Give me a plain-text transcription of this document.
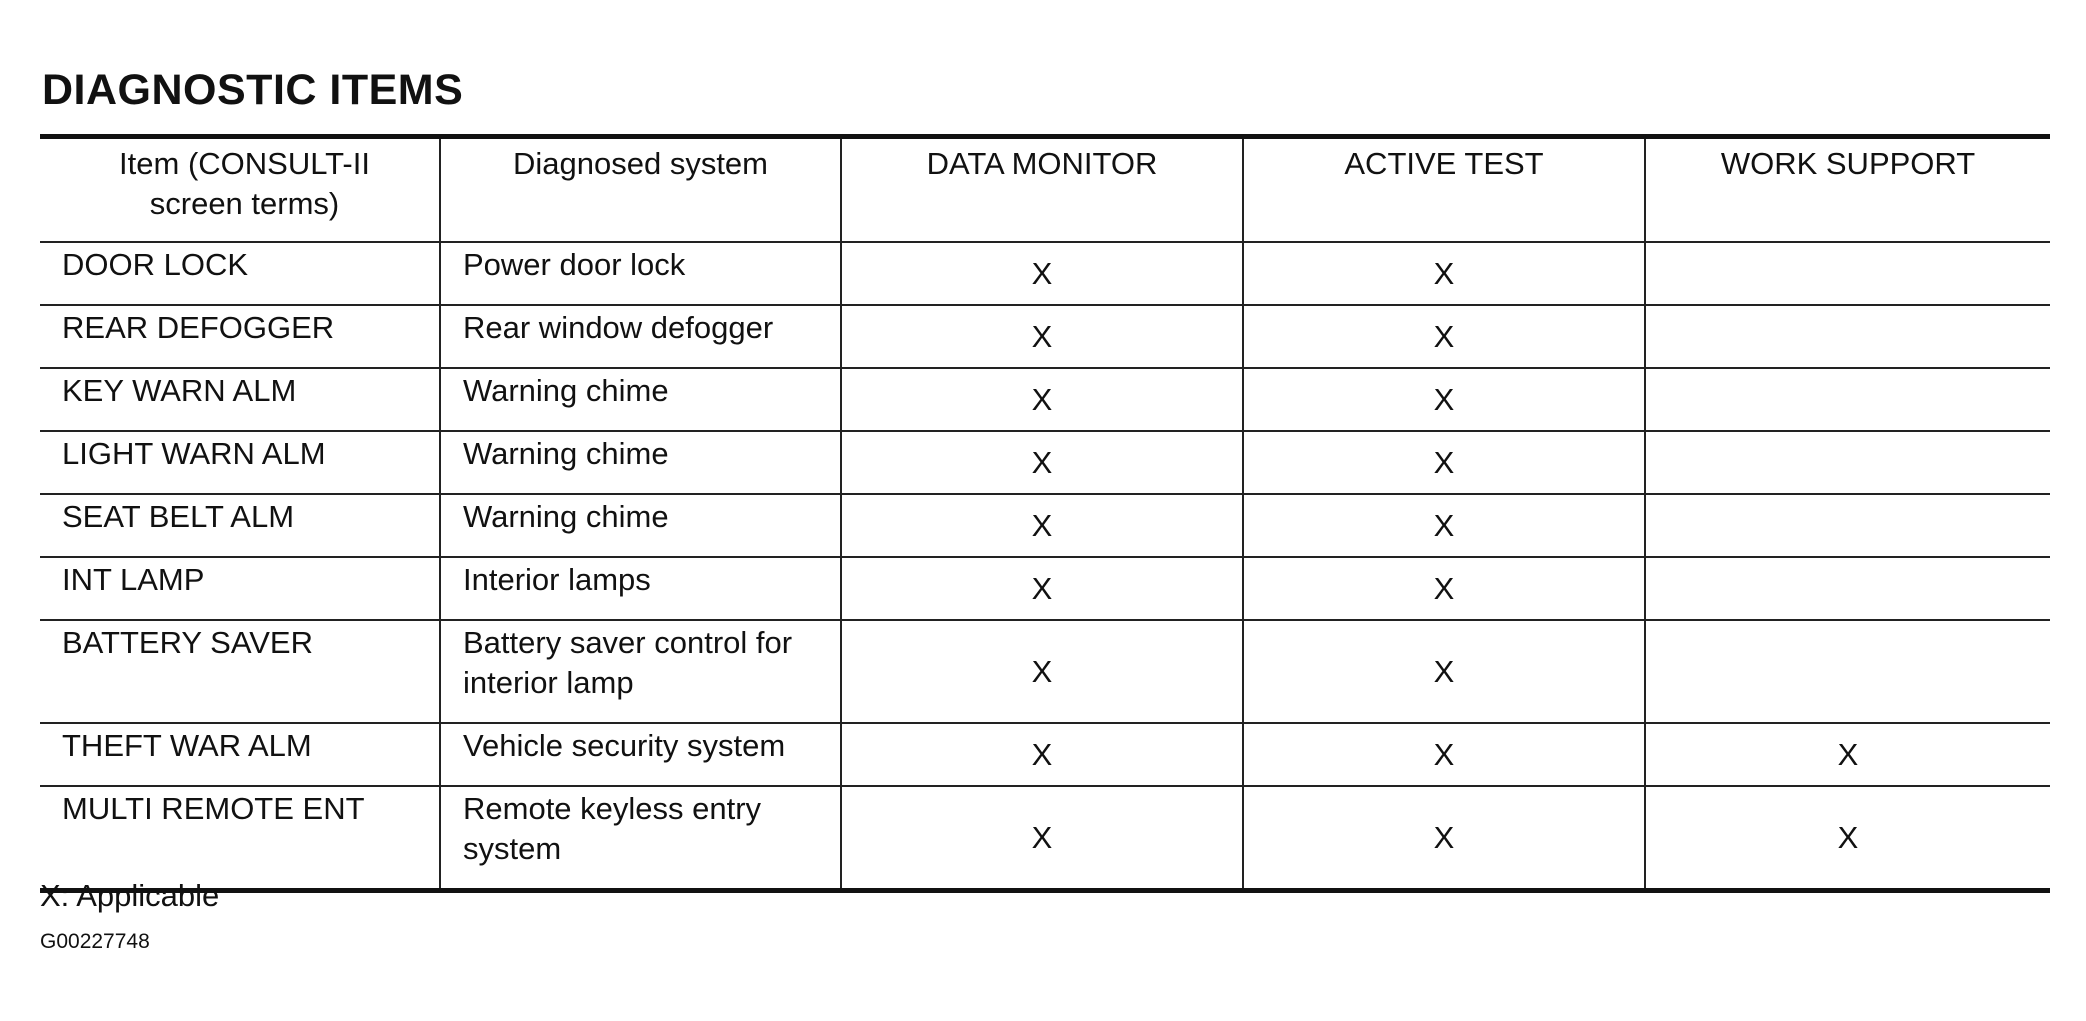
DIAGNOSTIC ITEMS
Item (CONSULT-II screen terms)	Diagnosed system	DATA MONITOR	ACTIVE TEST	WORK SUPPORT
DOOR LOCK	Power door lock	X	X	
REAR DEFOGGER	Rear window defogger	X	X	
KEY WARN ALM	Warning chime	X	X	
LIGHT WARN ALM	Warning chime	X	X	
SEAT BELT ALM	Warning chime	X	X	
INT LAMP	Interior lamps	X	X	
BATTERY SAVER	Battery saver control for interior lamp	X	X	
THEFT WAR ALM	Vehicle security system	X	X	X
MULTI REMOTE ENT	Remote keyless entry system	X	X	X
X: Applicable
G00227748
